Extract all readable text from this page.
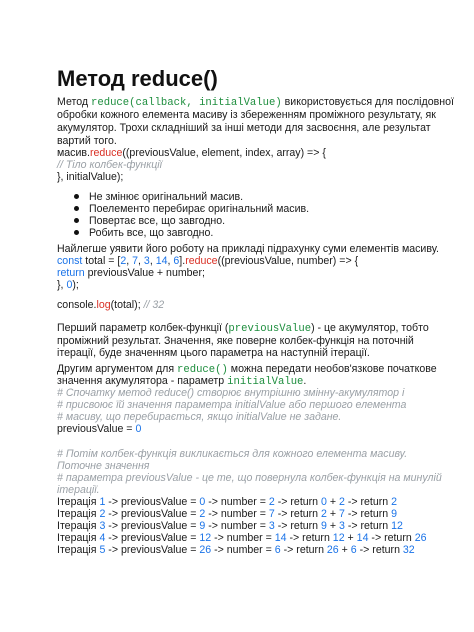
Метод reduce()
Метод reduce(callback, initialValue) використовується для послідовної
обробки кожного елемента масиву із збереженням проміжного результату, як
акумулятор. Трохи складніший за інші методи для засвоєння, але результат
вартий того.
масив.reduce((previousValue, element, index, array) => {
// Тіло колбек-функції
}, initialValue);
Не змінює оригінальний масив.
Поелементо перебирає оригінальний масив.
Повертає все, що завгодно.
Робить все, що завгодно.
Найлегше уявити його роботу на прикладі підрахунку суми елементів масиву.
const total = [2, 7, 3, 14, 6].reduce((previousValue, number) => {
return previousValue + number;
}, 0);
console.log(total); // 32
Перший параметр колбек-функції (previousValue) - це акумулятор, тобто
проміжний результат. Значення, яке поверне колбек-функція на поточній
ітерації, буде значенням цього параметра на наступній ітерації.
Другим аргументом для reduce() можна передати необов'язкове початкове
значення акумулятора - параметр initialValue.
# Спочатку метод reduce() створює внутрішню змінну-акумулятор і
# присвоює їй значення параметра initialValue або першого елемента
# масиву, що перебирається, якщо initialValue не задане.
previousValue = 0
# Потім колбек-функція викликається для кожного елемента масиву.
Поточне значення
# параметра previousValue - це те, що повернула колбек-функція на минулій
ітерації.
Ітерація 1 -> previousValue = 0 -> number = 2 -> return 0 + 2 -> return 2
Ітерація 2 -> previousValue = 2 -> number = 7 -> return 2 + 7 -> return 9
Ітерація 3 -> previousValue = 9 -> number = 3 -> return 9 + 3 -> return 12
Ітерація 4 -> previousValue = 12 -> number = 14 -> return 12 + 14 -> return 26
Ітерація 5 -> previousValue = 26 -> number = 6 -> return 26 + 6 -> return 32
